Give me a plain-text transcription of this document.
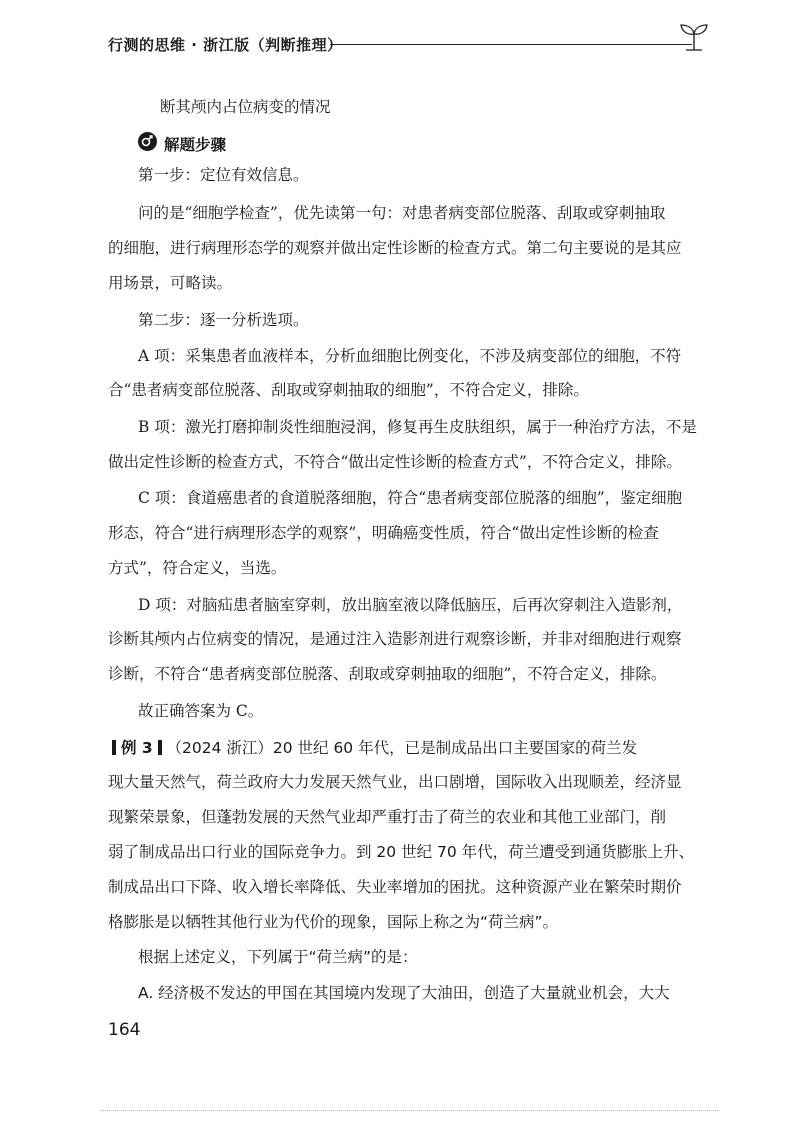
行测的思维 · 浙江版（判断推理）
断其颅内占位病变的情况
解题步骤
第一步：定位有效信息。
问的是“细胞学检查”，优先读第一句：对患者病变部位脱落、刮取或穿刺抽取
的细胞，进行病理形态学的观察并做出定性诊断的检查方式。第二句主要说的是其应
用场景，可略读。
第二步：逐一分析选项。
A 项：采集患者血液样本，分析血细胞比例变化，不涉及病变部位的细胞，不符
合“患者病变部位脱落、刮取或穿刺抽取的细胞”，不符合定义，排除。
B 项：激光打磨抑制炎性细胞浸润，修复再生皮肤组织，属于一种治疗方法，不是
做出定性诊断的检查方式，不符合“做出定性诊断的检查方式”，不符合定义，排除。
C 项：食道癌患者的食道脱落细胞，符合“患者病变部位脱落的细胞”，鉴定细胞
形态，符合“进行病理形态学的观察”，明确癌变性质，符合“做出定性诊断的检查
方式”，符合定义，当选。
D 项：对脑疝患者脑室穿刺，放出脑室液以降低脑压，后再次穿刺注入造影剂，
诊断其颅内占位病变的情况，是通过注入造影剂进行观察诊断，并非对细胞进行观察
诊断，不符合“患者病变部位脱落、刮取或穿刺抽取的细胞”，不符合定义，排除。
故正确答案为 C。
例 3 （2024 浙江）20 世纪 60 年代，已是制成品出口主要国家的荷兰发
现大量天然气，荷兰政府大力发展天然气业，出口剧增，国际收入出现顺差，经济显
现繁荣景象，但蓬勃发展的天然气业却严重打击了荷兰的农业和其他工业部门，削
弱了制成品出口行业的国际竞争力。到 20 世纪 70 年代，荷兰遭受到通货膨胀上升、
制成品出口下降、收入增长率降低、失业率增加的困扰。这种资源产业在繁荣时期价
格膨胀是以牺牲其他行业为代价的现象，国际上称之为“荷兰病”。
根据上述定义，下列属于“荷兰病”的是：
A. 经济极不发达的甲国在其国境内发现了大油田，创造了大量就业机会，大大
164
